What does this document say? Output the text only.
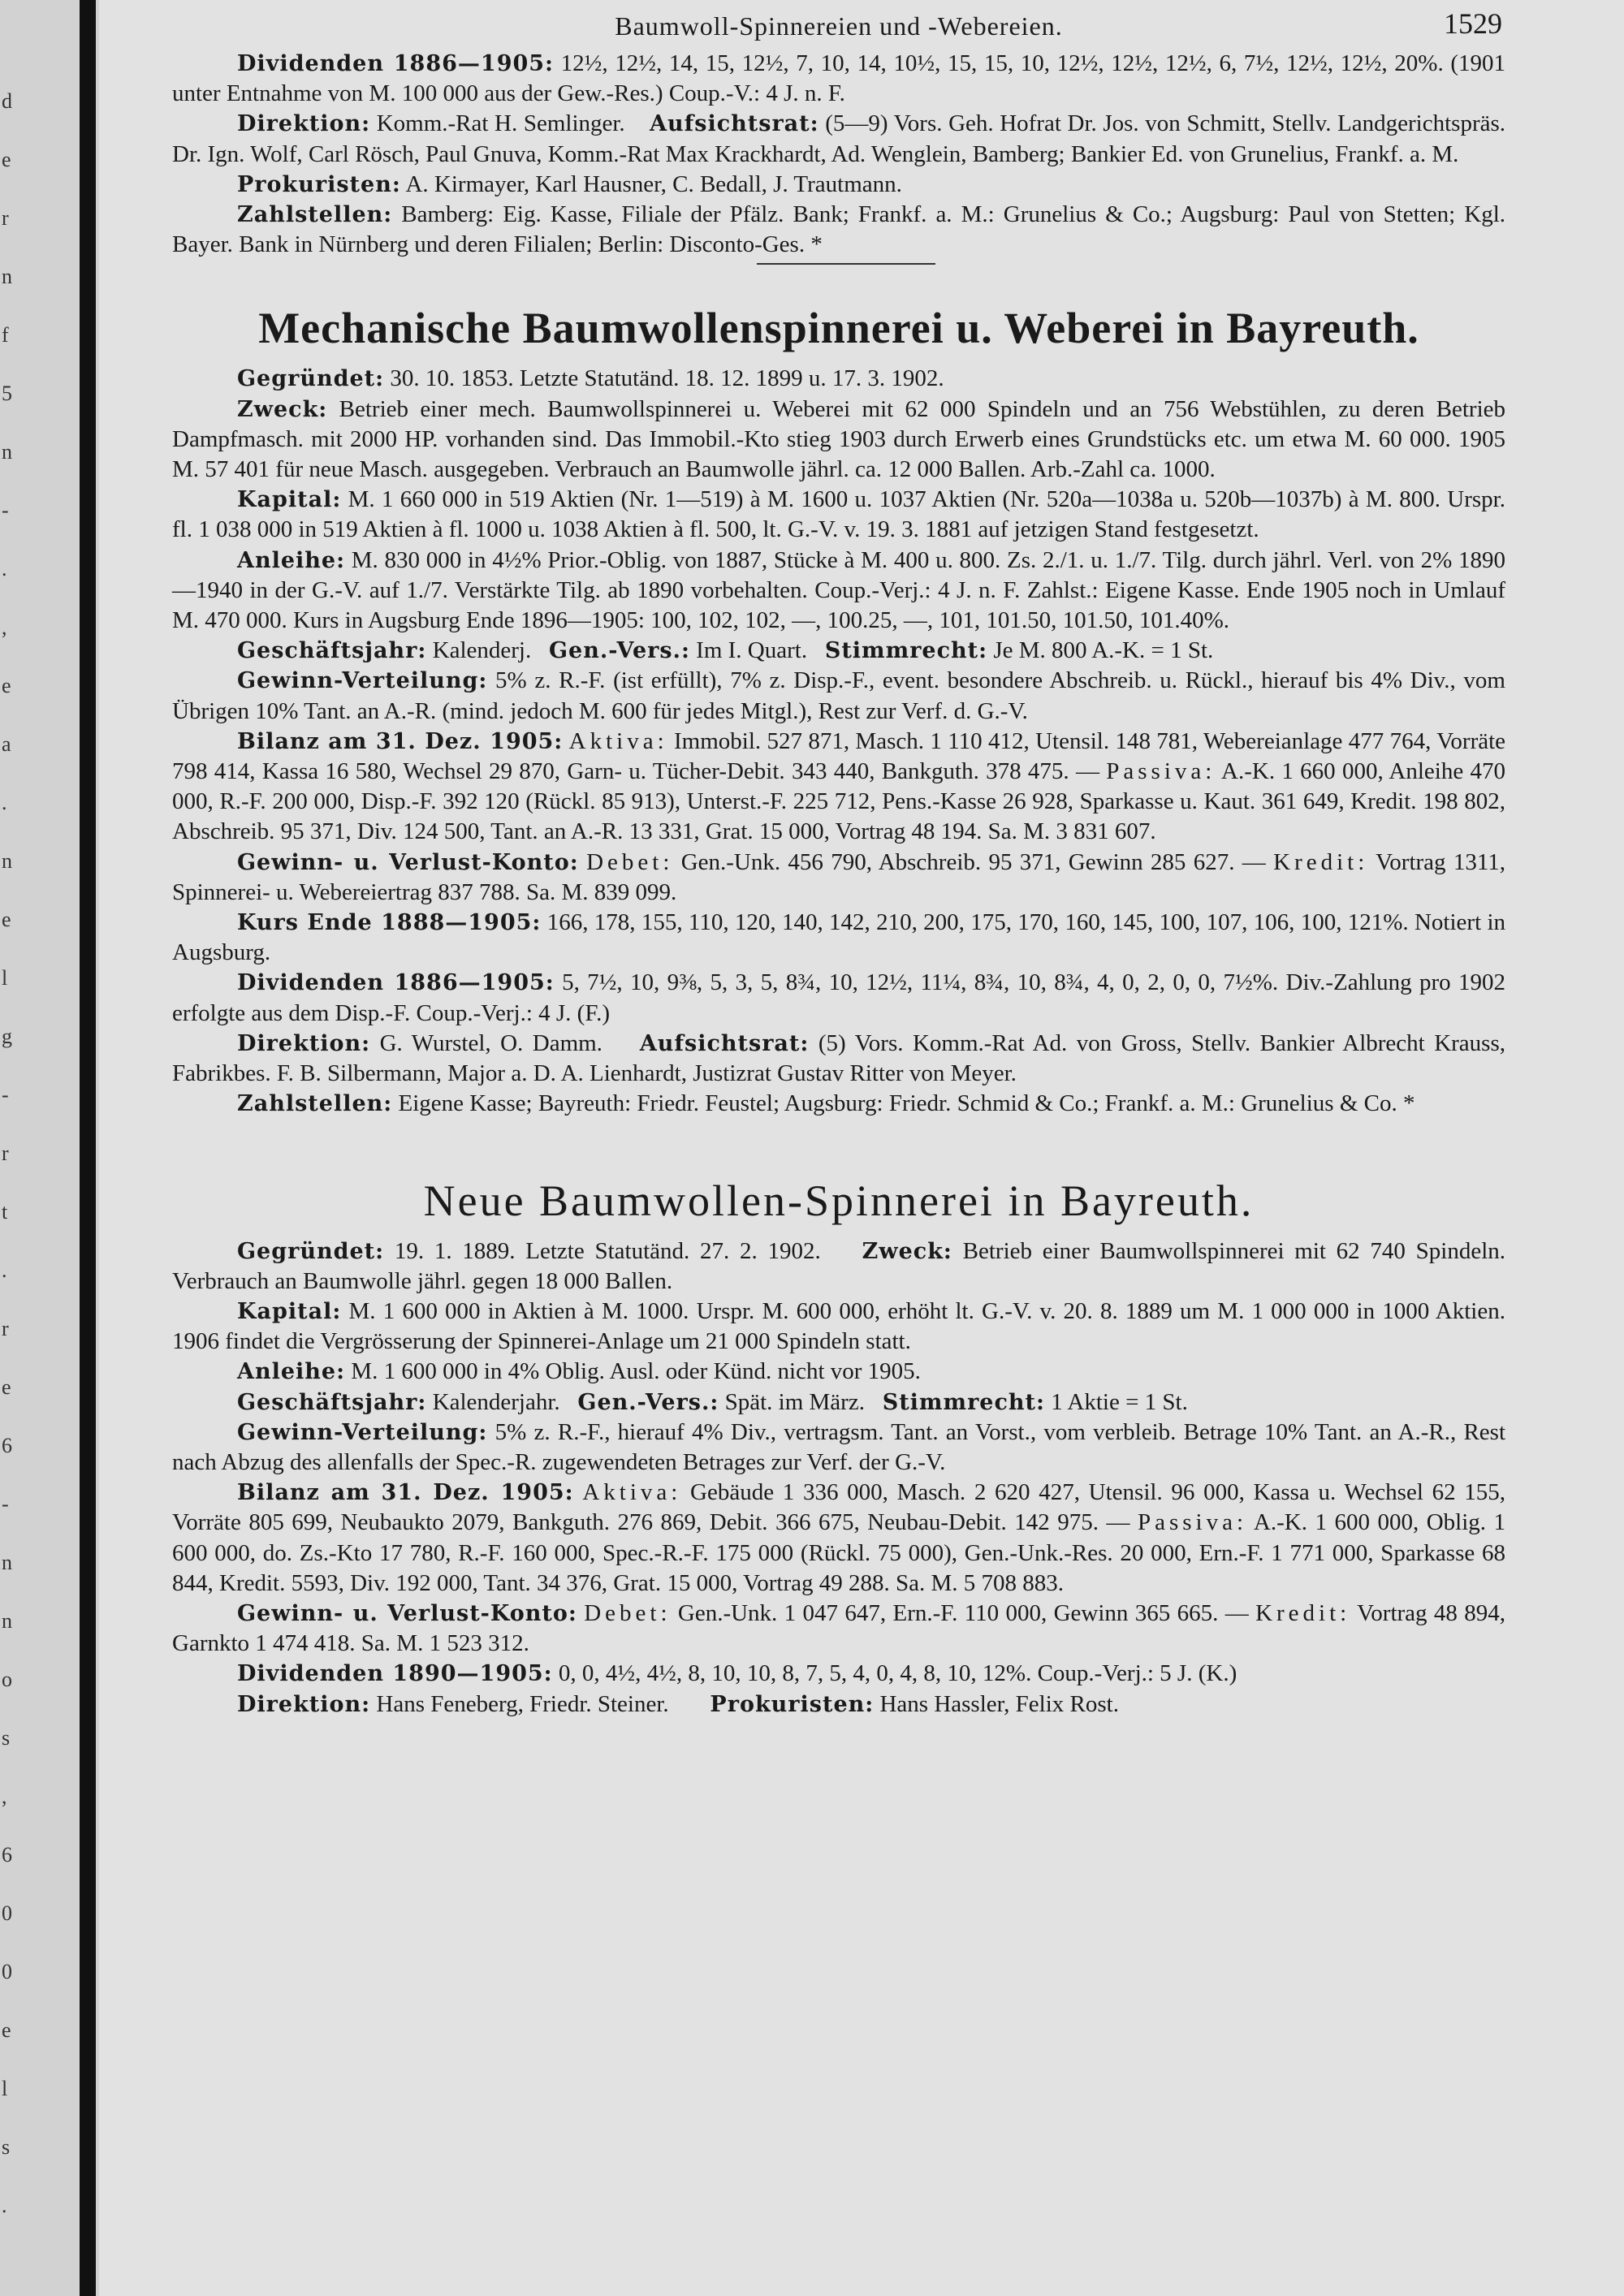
d
e
r
n
f
5
n
-
.
,
e
a
.
n
e
l
g
-
r
t
.
r
e
6
-
n
n
o
s
,
6
0
0
e
l
s
.
Baumwoll-Spinnereien und -Webereien.	1529

Dividenden 1886—1905: 12½, 12½, 14, 15, 12½, 7, 10, 14, 10½, 15, 15, 10, 12½, 12½, 12½, 6, 7½, 12½, 12½, 20%. (1901 unter Entnahme von M. 100 000 aus der Gew.-Res.) Coup.-V.: 4 J. n. F.

Direktion: Komm.-Rat H. Semlinger. Aufsichtsrat: (5—9) Vors. Geh. Hofrat Dr. Jos. von Schmitt, Stellv. Landgerichtspräs. Dr. Ign. Wolf, Carl Rösch, Paul Gnuva, Komm.-Rat Max Krackhardt, Ad. Wenglein, Bamberg; Bankier Ed. von Grunelius, Frankf. a. M.

Prokuristen: A. Kirmayer, Karl Hausner, C. Bedall, J. Trautmann.

Zahlstellen: Bamberg: Eig. Kasse, Filiale der Pfälz. Bank; Frankf. a. M.: Grunelius & Co.; Augsburg: Paul von Stetten; Kgl. Bayer. Bank in Nürnberg und deren Filialen; Berlin: Disconto-Ges. *

Mechanische Baumwollenspinnerei u. Weberei in Bayreuth.

Gegründet: 30. 10. 1853. Letzte Statutänd. 18. 12. 1899 u. 17. 3. 1902.

Zweck: Betrieb einer mech. Baumwollspinnerei u. Weberei mit 62 000 Spindeln und an 756 Webstühlen, zu deren Betrieb Dampfmasch. mit 2000 HP. vorhanden sind. Das Immobil.-Kto stieg 1903 durch Erwerb eines Grundstücks etc. um etwa M. 60 000. 1905 M. 57 401 für neue Masch. ausgegeben. Verbrauch an Baumwolle jährl. ca. 12 000 Ballen. Arb.-Zahl ca. 1000.

Kapital: M. 1 660 000 in 519 Aktien (Nr. 1—519) à M. 1600 u. 1037 Aktien (Nr. 520a—1038a u. 520b—1037b) à M. 800. Urspr. fl. 1 038 000 in 519 Aktien à fl. 1000 u. 1038 Aktien à fl. 500, lt. G.-V. v. 19. 3. 1881 auf jetzigen Stand festgesetzt.

Anleihe: M. 830 000 in 4½% Prior.-Oblig. von 1887, Stücke à M. 400 u. 800. Zs. 2./1. u. 1./7. Tilg. durch jährl. Verl. von 2% 1890—1940 in der G.-V. auf 1./7. Verstärkte Tilg. ab 1890 vorbehalten. Coup.-Verj.: 4 J. n. F. Zahlst.: Eigene Kasse. Ende 1905 noch in Umlauf M. 470 000. Kurs in Augsburg Ende 1896—1905: 100, 102, 102, —, 100.25, —, 101, 101.50, 101.50, 101.40%.

Geschäftsjahr: Kalenderj. Gen.-Vers.: Im I. Quart. Stimmrecht: Je M. 800 A.-K. = 1 St.

Gewinn-Verteilung: 5% z. R.-F. (ist erfüllt), 7% z. Disp.-F., event. besondere Abschreib. u. Rückl., hierauf bis 4% Div., vom Übrigen 10% Tant. an A.-R. (mind. jedoch M. 600 für jedes Mitgl.), Rest zur Verf. d. G.-V.

Bilanz am 31. Dez. 1905: Aktiva: Immobil. 527 871, Masch. 1 110 412, Utensil. 148 781, Webereianlage 477 764, Vorräte 798 414, Kassa 16 580, Wechsel 29 870, Garn- u. Tücher-Debit. 343 440, Bankguth. 378 475. — Passiva: A.-K. 1 660 000, Anleihe 470 000, R.-F. 200 000, Disp.-F. 392 120 (Rückl. 85 913), Unterst.-F. 225 712, Pens.-Kasse 26 928, Sparkasse u. Kaut. 361 649, Kredit. 198 802, Abschreib. 95 371, Div. 124 500, Tant. an A.-R. 13 331, Grat. 15 000, Vortrag 48 194. Sa. M. 3 831 607.

Gewinn- u. Verlust-Konto: Debet: Gen.-Unk. 456 790, Abschreib. 95 371, Gewinn 285 627. — Kredit: Vortrag 1311, Spinnerei- u. Webereiertrag 837 788. Sa. M. 839 099.

Kurs Ende 1888—1905: 166, 178, 155, 110, 120, 140, 142, 210, 200, 175, 170, 160, 145, 100, 107, 106, 100, 121%. Notiert in Augsburg.

Dividenden 1886—1905: 5, 7½, 10, 9⅜, 5, 3, 5, 8¾, 10, 12½, 11¼, 8¾, 10, 8¾, 4, 0, 2, 0, 0, 7½%. Div.-Zahlung pro 1902 erfolgte aus dem Disp.-F. Coup.-Verj.: 4 J. (F.)

Direktion: G. Wurstel, O. Damm. Aufsichtsrat: (5) Vors. Komm.-Rat Ad. von Gross, Stellv. Bankier Albrecht Krauss, Fabrikbes. F. B. Silbermann, Major a. D. A. Lienhardt, Justizrat Gustav Ritter von Meyer.

Zahlstellen: Eigene Kasse; Bayreuth: Friedr. Feustel; Augsburg: Friedr. Schmid & Co.; Frankf. a. M.: Grunelius & Co. *

Neue Baumwollen-Spinnerei in Bayreuth.

Gegründet: 19. 1. 1889. Letzte Statutänd. 27. 2. 1902. Zweck: Betrieb einer Baumwollspinnerei mit 62 740 Spindeln. Verbrauch an Baumwolle jährl. gegen 18 000 Ballen.

Kapital: M. 1 600 000 in Aktien à M. 1000. Urspr. M. 600 000, erhöht lt. G.-V. v. 20. 8. 1889 um M. 1 000 000 in 1000 Aktien. 1906 findet die Vergrösserung der Spinnerei-Anlage um 21 000 Spindeln statt.

Anleihe: M. 1 600 000 in 4% Oblig. Ausl. oder Künd. nicht vor 1905.

Geschäftsjahr: Kalenderjahr. Gen.-Vers.: Spät. im März. Stimmrecht: 1 Aktie = 1 St.

Gewinn-Verteilung: 5% z. R.-F., hierauf 4% Div., vertragsm. Tant. an Vorst., vom verbleib. Betrage 10% Tant. an A.-R., Rest nach Abzug des allenfalls der Spec.-R. zugewendeten Betrages zur Verf. der G.-V.

Bilanz am 31. Dez. 1905: Aktiva: Gebäude 1 336 000, Masch. 2 620 427, Utensil. 96 000, Kassa u. Wechsel 62 155, Vorräte 805 699, Neubaukto 2079, Bankguth. 276 869, Debit. 366 675, Neubau-Debit. 142 975. — Passiva: A.-K. 1 600 000, Oblig. 1 600 000, do. Zs.-Kto 17 780, R.-F. 160 000, Spec.-R.-F. 175 000 (Rückl. 75 000), Gen.-Unk.-Res. 20 000, Ern.-F. 1 771 000, Sparkasse 68 844, Kredit. 5593, Div. 192 000, Tant. 34 376, Grat. 15 000, Vortrag 49 288. Sa. M. 5 708 883.

Gewinn- u. Verlust-Konto: Debet: Gen.-Unk. 1 047 647, Ern.-F. 110 000, Gewinn 365 665. — Kredit: Vortrag 48 894, Garnkto 1 474 418. Sa. M. 1 523 312.

Dividenden 1890—1905: 0, 0, 4½, 4½, 8, 10, 10, 8, 7, 5, 4, 0, 4, 8, 10, 12%. Coup.-Verj.: 5 J. (K.)

Direktion: Hans Feneberg, Friedr. Steiner. Prokuristen: Hans Hassler, Felix Rost.
